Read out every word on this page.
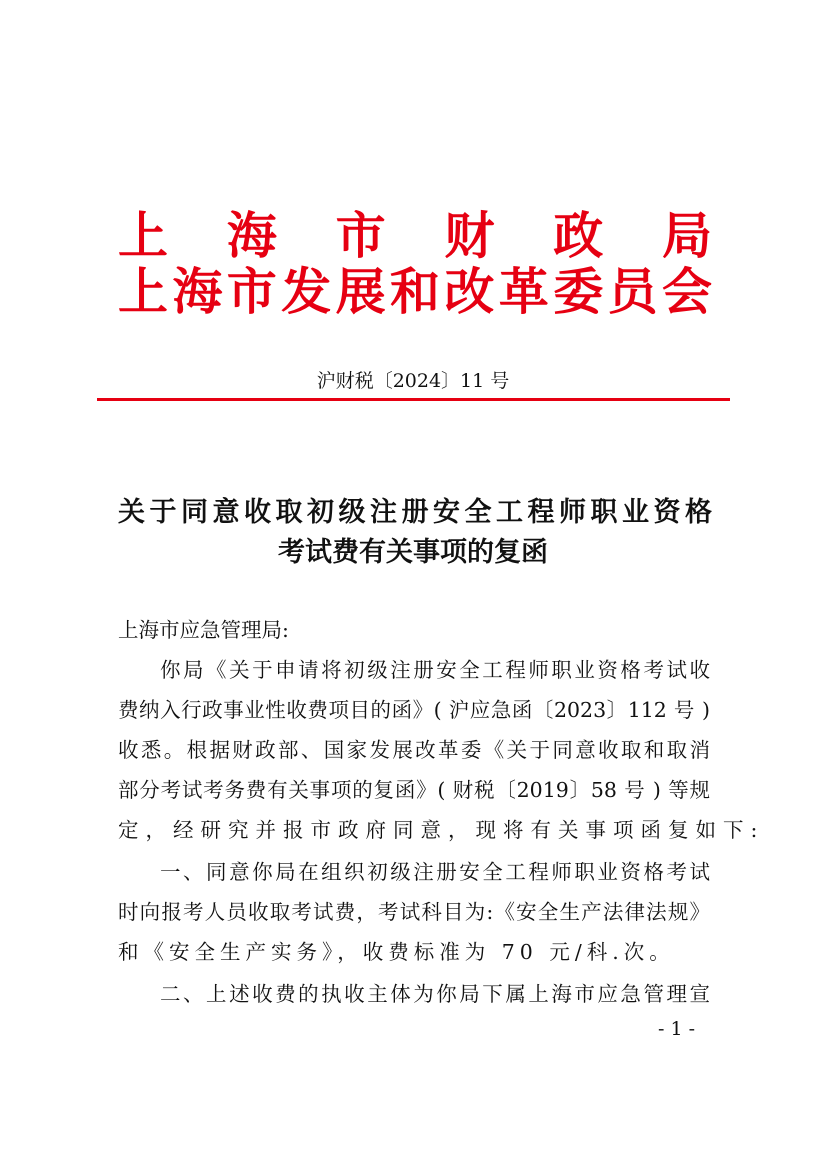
上海市财政局
上海市发展和改革委员会
沪财税〔2024〕11 号
关于同意收取初级注册安全工程师职业资格
考试费有关事项的复函
上海市应急管理局:
你局《关于申请将初级注册安全工程师职业资格考试收
费纳入行政事业性收费项目的函》( 沪应急函〔2023〕112 号 )
收悉。根据财政部、国家发展改革委《关于同意收取和取消
部分考试考务费有关事项的复函》( 财税〔2019〕58 号 ) 等规
定，经研究并报市政府同意，现将有关事项函复如下:
一、同意你局在组织初级注册安全工程师职业资格考试
时向报考人员收取考试费，考试科目为:《安全生产法律法规》
和《安全生产实务》，收费标准为 70 元/科.次。
二、上述收费的执收主体为你局下属上海市应急管理宣
- 1 -
